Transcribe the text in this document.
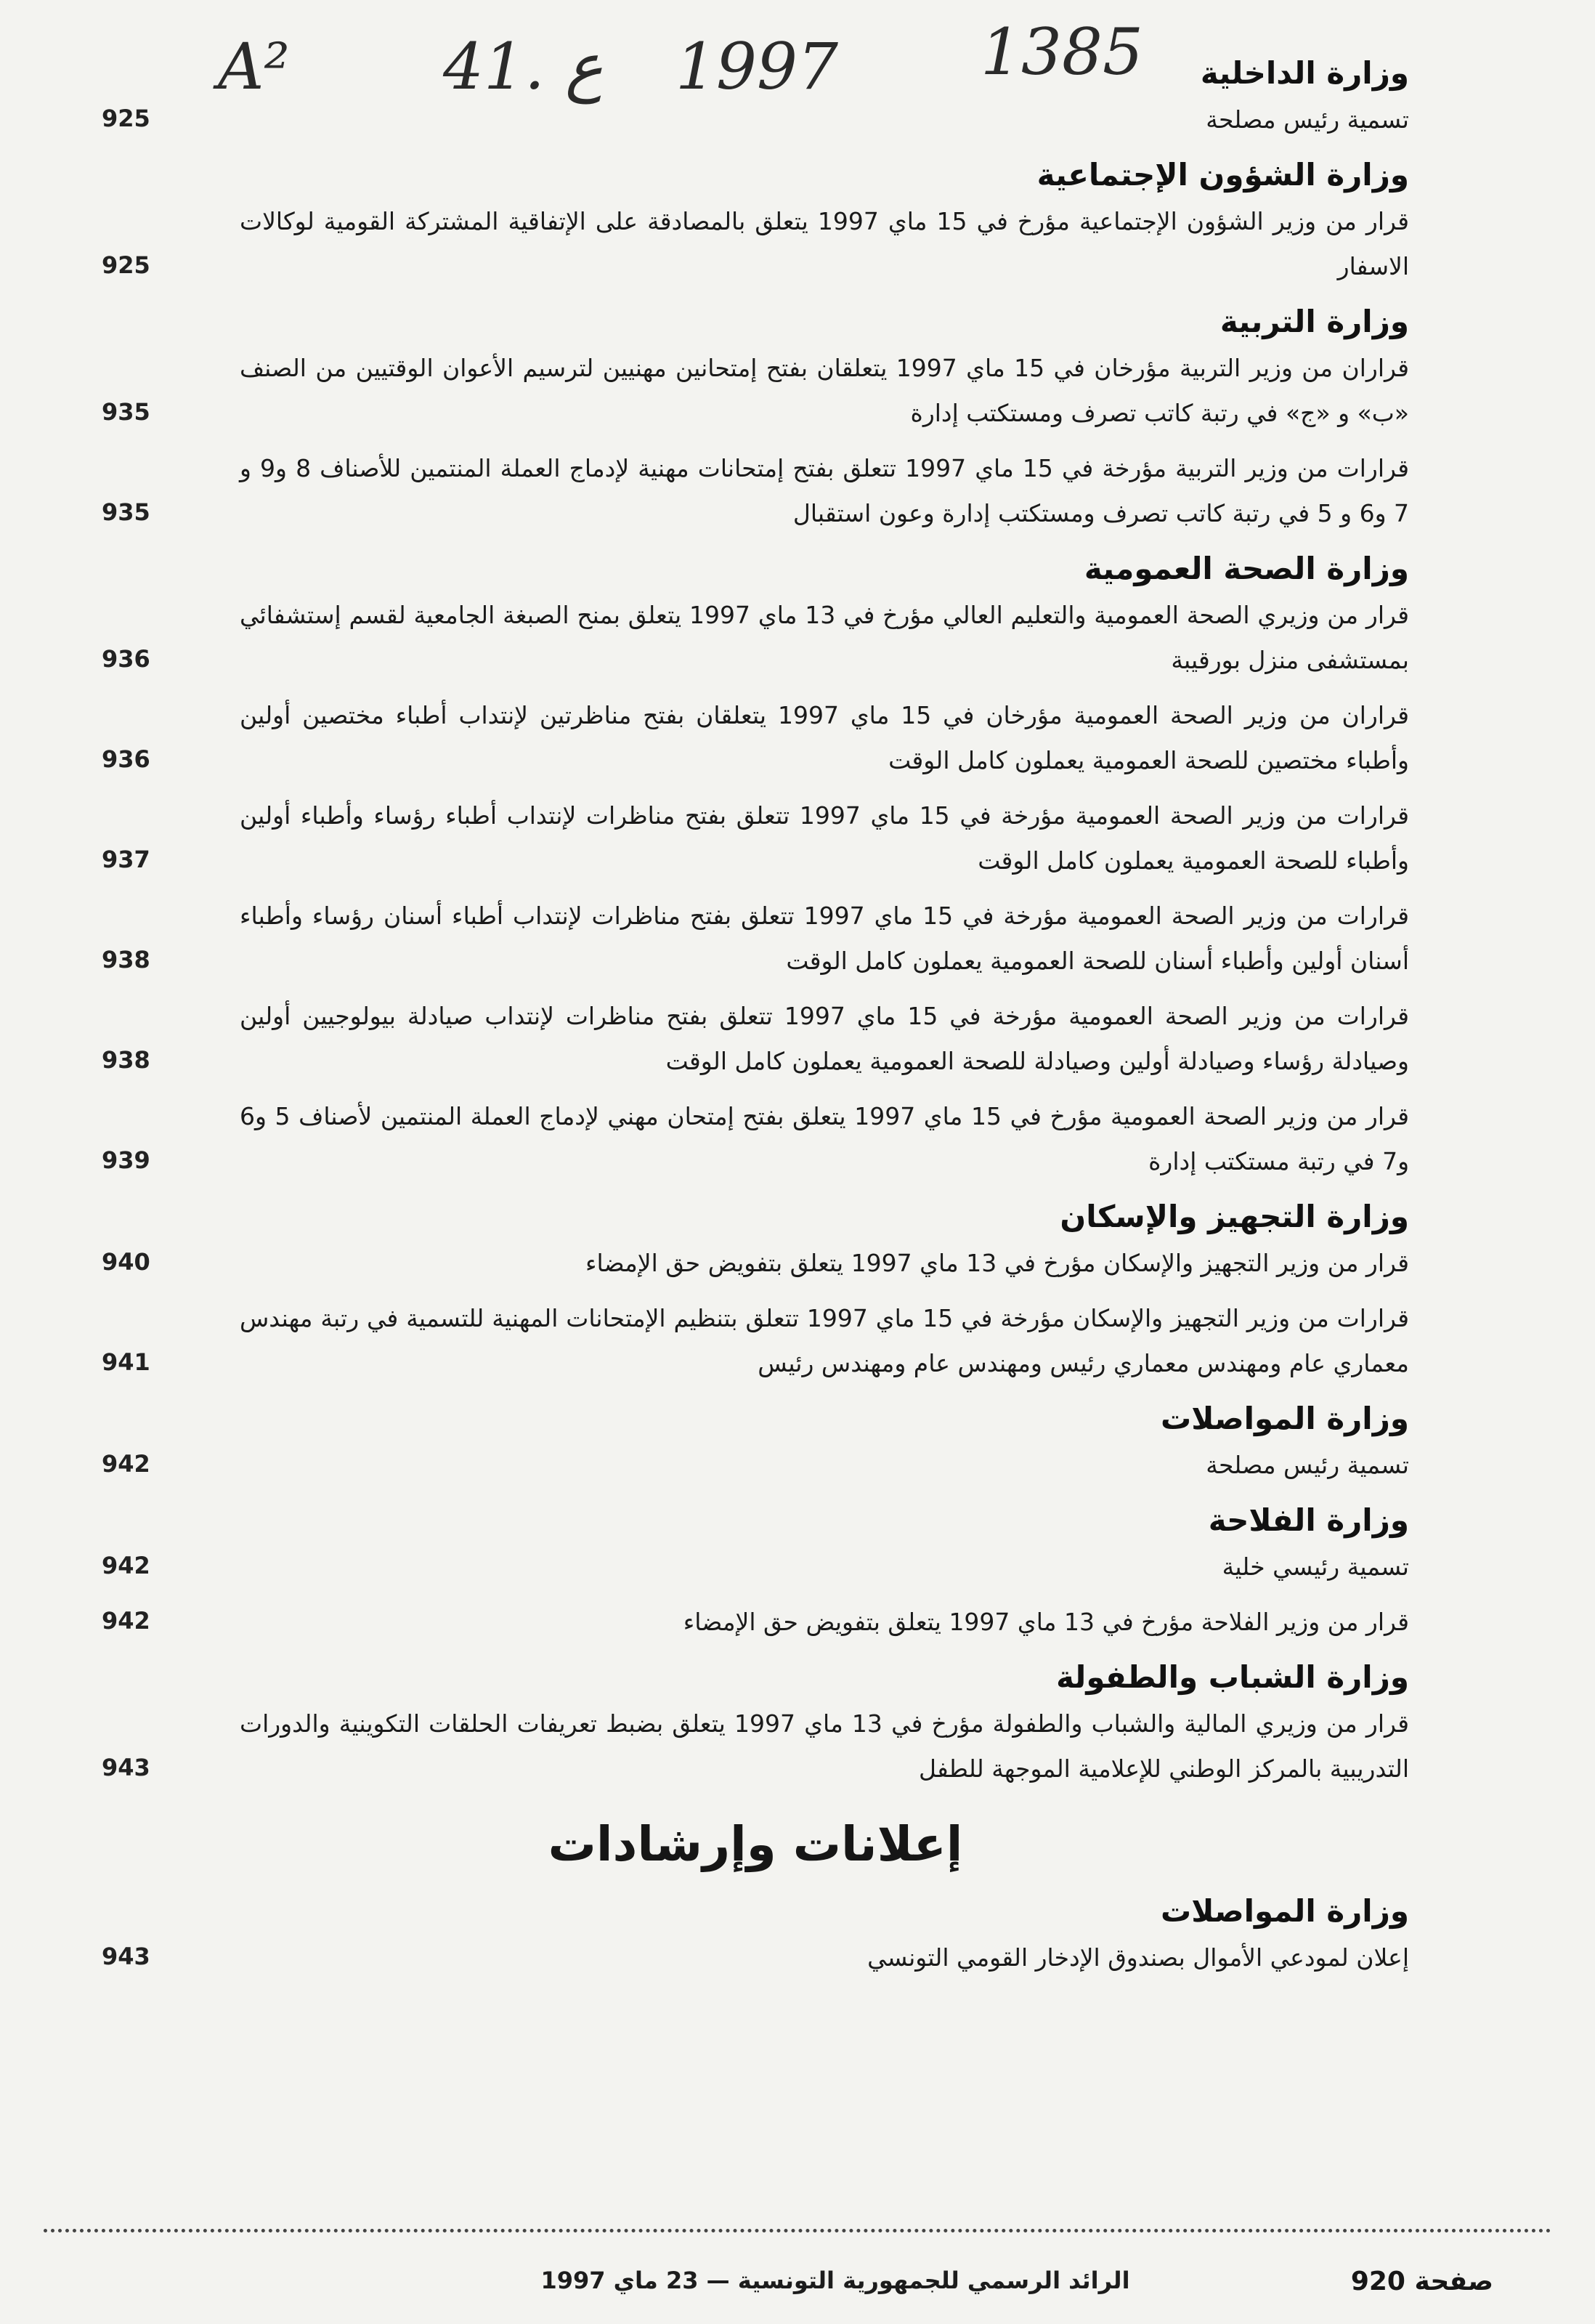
A² 41. ع 1997 1385	وزارة الداخلية
تسمية رئيس مصلحة
925
وزارة الشؤون الإجتماعية
قرار من وزير الشؤون الإجتماعية مؤرخ في 15 ماي 1997 يتعلق بالمصادقة على الإتفاقية المشتركة القومية لوكالات الاسفار
925
وزارة التربية
قراران من وزير التربية مؤرخان في 15 ماي 1997 يتعلقان بفتح إمتحانين مهنيين لترسيم الأعوان الوقتيين من الصنف «ب» و «ج» في رتبة كاتب تصرف ومستكتب إدارة
935
قرارات من وزير التربية مؤرخة في 15 ماي 1997 تتعلق بفتح إمتحانات مهنية لإدماج العملة المنتمين للأصناف 8 و9 و 7 و6 و 5 في رتبة كاتب تصرف ومستكتب إدارة وعون استقبال
935
وزارة الصحة العمومية
قرار من وزيري الصحة العمومية والتعليم العالي مؤرخ في 13 ماي 1997 يتعلق بمنح الصبغة الجامعية لقسم إستشفائي بمستشفى منزل بورقيبة
936
قراران من وزير الصحة العمومية مؤرخان في 15 ماي 1997 يتعلقان بفتح مناظرتين لإنتداب أطباء مختصين أولين وأطباء مختصين للصحة العمومية يعملون كامل الوقت
936
قرارات من وزير الصحة العمومية مؤرخة في 15 ماي 1997 تتعلق بفتح مناظرات لإنتداب أطباء رؤساء وأطباء أولين وأطباء للصحة العمومية يعملون كامل الوقت
937
قرارات من وزير الصحة العمومية مؤرخة في 15 ماي 1997 تتعلق بفتح مناظرات لإنتداب أطباء أسنان رؤساء وأطباء أسنان أولين وأطباء أسنان للصحة العمومية يعملون كامل الوقت
938
قرارات من وزير الصحة العمومية مؤرخة في 15 ماي 1997 تتعلق بفتح مناظرات لإنتداب صيادلة بيولوجيين أولين وصيادلة رؤساء وصيادلة أولين وصيادلة للصحة العمومية يعملون كامل الوقت
938
قرار من وزير الصحة العمومية مؤرخ في 15 ماي 1997 يتعلق بفتح إمتحان مهني لإدماج العملة المنتمين لأصناف 5 و6 و7 في رتبة مستكتب إدارة
939
وزارة التجهيز والإسكان
قرار من وزير التجهيز والإسكان مؤرخ في 13 ماي 1997 يتعلق بتفويض حق الإمضاء
940
قرارات من وزير التجهيز والإسكان مؤرخة في 15 ماي 1997 تتعلق بتنظيم الإمتحانات المهنية للتسمية في رتبة مهندس معماري عام ومهندس معماري رئيس ومهندس عام ومهندس رئيس
941
وزارة المواصلات
تسمية رئيس مصلحة
942
وزارة الفلاحة
تسمية رئيسي خلية
942
قرار من وزير الفلاحة مؤرخ في 13 ماي 1997 يتعلق بتفويض حق الإمضاء
942
وزارة الشباب والطفولة
قرار من وزيري المالية والشباب والطفولة مؤرخ في 13 ماي 1997 يتعلق بضبط تعريفات الحلقات التكوينية والدورات التدريبية بالمركز الوطني للإعلامية الموجهة للطفل
943
إعلانات وإرشادات
وزارة المواصلات
إعلان لمودعي الأموال بصندوق الإدخار القومي التونسي
943
الرائد الرسمي للجمهورية التونسية — 23 ماي 1997	صفحة 920
